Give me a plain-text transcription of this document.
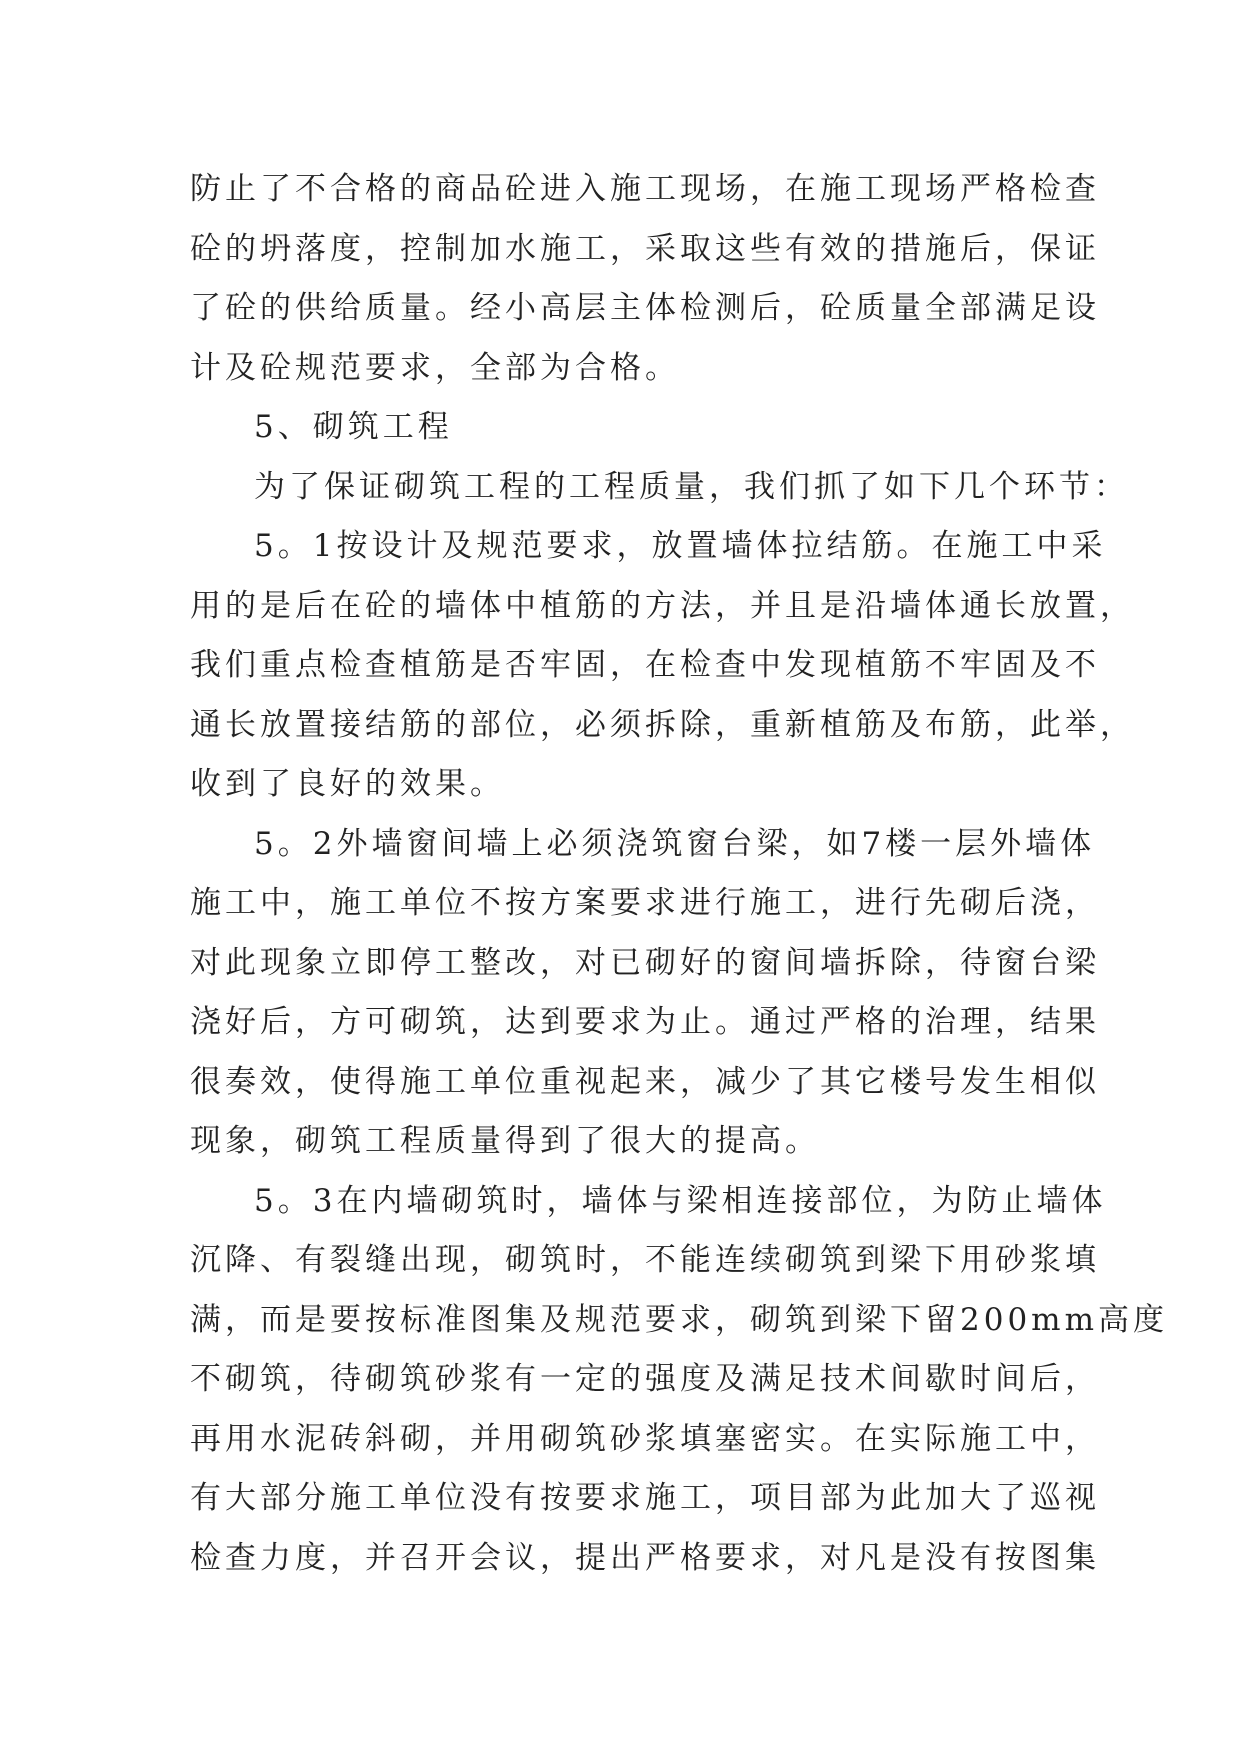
防止了不合格的商品砼进入施工现场，在施工现场严格检查
砼的坍落度，控制加水施工，采取这些有效的措施后，保证
了砼的供给质量。经小高层主体检测后，砼质量全部满足设
计及砼规范要求，全部为合格。
5、砌筑工程
为了保证砌筑工程的工程质量，我们抓了如下几个环节：
5。1按设计及规范要求，放置墙体拉结筋。在施工中采
用的是后在砼的墙体中植筋的方法，并且是沿墙体通长放置，
我们重点检查植筋是否牢固，在检查中发现植筋不牢固及不
通长放置接结筋的部位，必须拆除，重新植筋及布筋，此举，
收到了良好的效果。
5。2外墙窗间墙上必须浇筑窗台梁，如7楼一层外墙体
施工中，施工单位不按方案要求进行施工，进行先砌后浇，
对此现象立即停工整改，对已砌好的窗间墙拆除，待窗台梁
浇好后，方可砌筑，达到要求为止。通过严格的治理，结果
很奏效，使得施工单位重视起来，减少了其它楼号发生相似
现象，砌筑工程质量得到了很大的提高。
5。3在内墙砌筑时，墙体与梁相连接部位，为防止墙体
沉降、有裂缝出现，砌筑时，不能连续砌筑到梁下用砂浆填
满，而是要按标准图集及规范要求，砌筑到梁下留200mm高度
不砌筑，待砌筑砂浆有一定的强度及满足技术间歇时间后，
再用水泥砖斜砌，并用砌筑砂浆填塞密实。在实际施工中，
有大部分施工单位没有按要求施工，项目部为此加大了巡视
检查力度，并召开会议，提出严格要求，对凡是没有按图集
